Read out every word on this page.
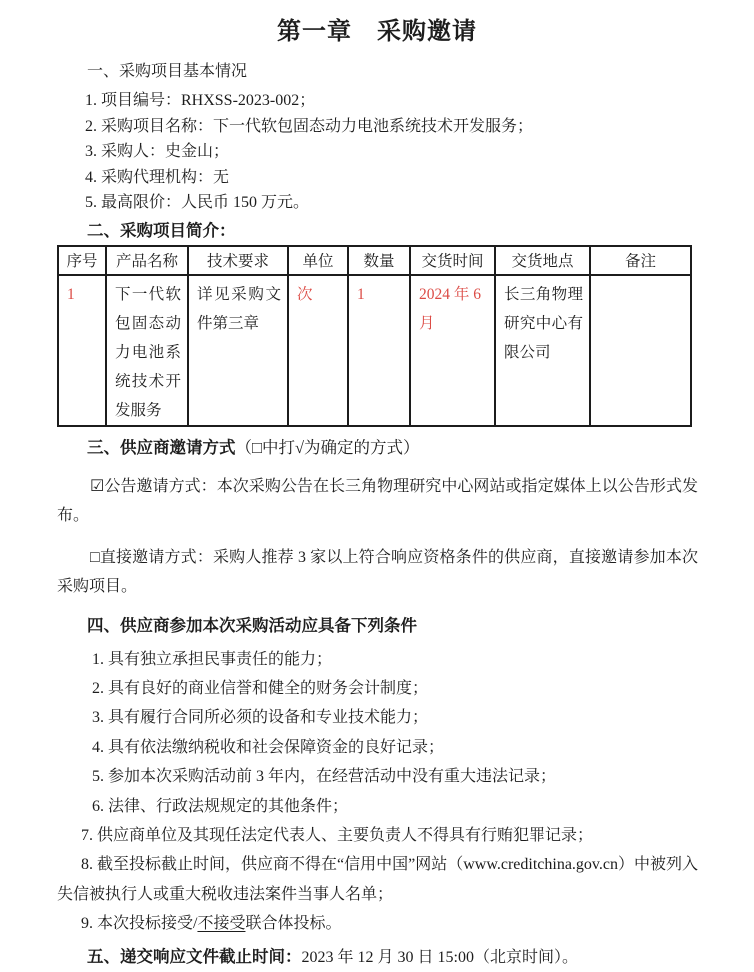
第一章　采购邀请
一、采购项目基本情况
1. 项目编号：RHXSS-2023-002；
2. 采购项目名称：下一代软包固态动力电池系统技术开发服务；
3. 采购人：史金山；
4. 采购代理机构：无
5. 最高限价：人民币 150 万元。
二、采购项目简介：
序号	产品名称	技术要求	单位	数量	交货时间	交货地点	备注
1	下一代软包固态动力电池系统技术开发服务	详见采购文件第三章	次	1	2024 年 6 月	长三角物理研究中心有限公司	
三、供应商邀请方式（□中打√为确定的方式）
☑公告邀请方式：本次采购公告在长三角物理研究中心网站或指定媒体上以公告形式发布。
□直接邀请方式：采购人推荐 3 家以上符合响应资格条件的供应商，直接邀请参加本次采购项目。
四、供应商参加本次采购活动应具备下列条件
1. 具有独立承担民事责任的能力；
2. 具有良好的商业信誉和健全的财务会计制度；
3. 具有履行合同所必须的设备和专业技术能力；
4. 具有依法缴纳税收和社会保障资金的良好记录；
5. 参加本次采购活动前 3 年内，在经营活动中没有重大违法记录；
6. 法律、行政法规规定的其他条件；
7. 供应商单位及其现任法定代表人、主要负责人不得具有行贿犯罪记录；
8. 截至投标截止时间，供应商不得在“信用中国”网站（www.creditchina.gov.cn）中被列入失信被执行人或重大税收违法案件当事人名单；
9. 本次投标接受/不接受联合体投标。
五、递交响应文件截止时间：2023 年 12 月 30 日 15:00（北京时间）。
